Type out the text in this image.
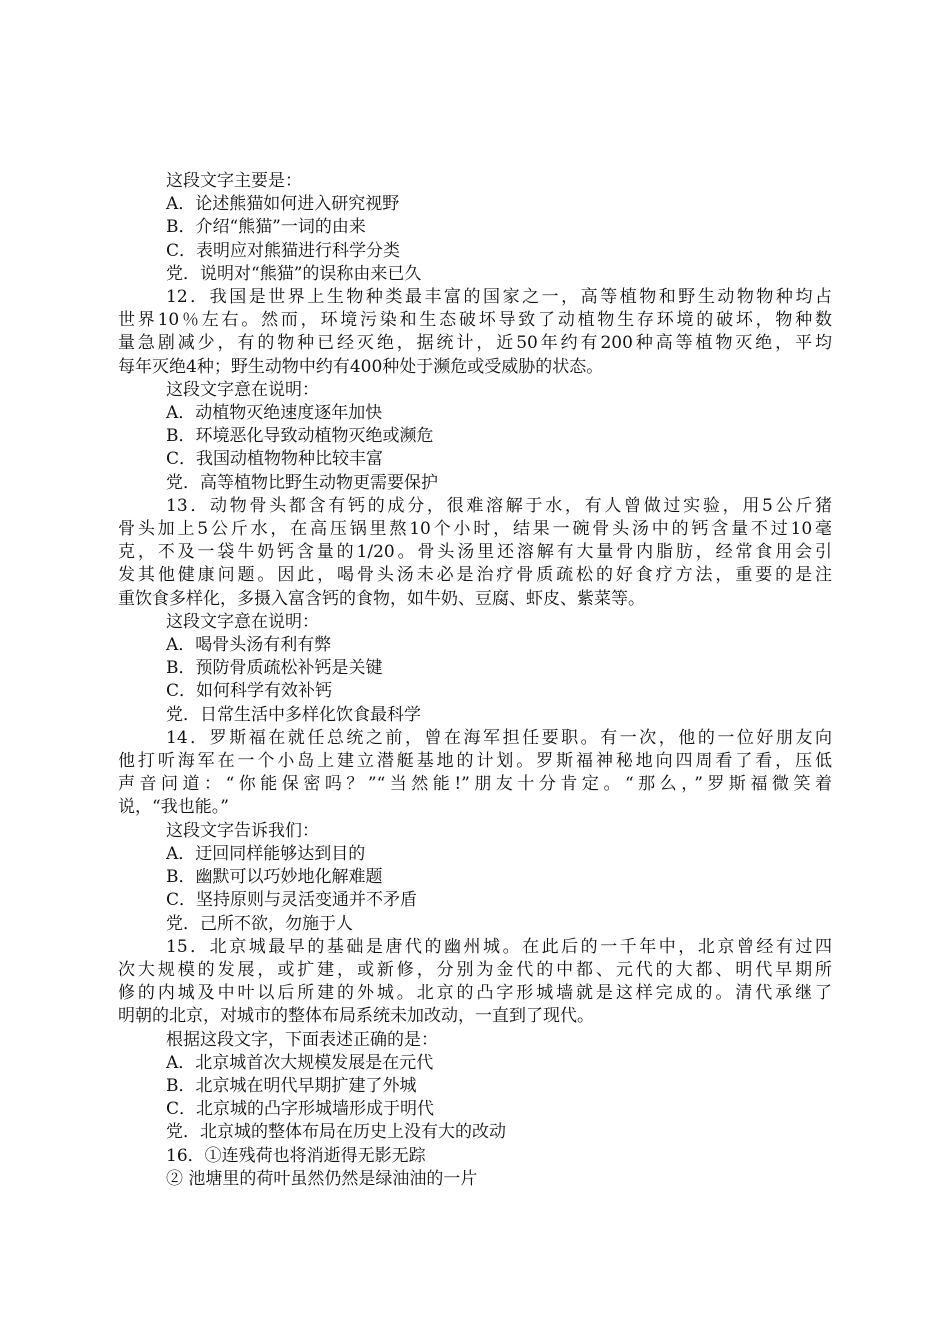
这段文字主要是：
A．论述熊猫如何进入研究视野
B．介绍“熊猫”一词的由来
C．表明应对熊猫进行科学分类
党．说明对“熊猫”的误称由来已久
12．我国是世界上生物种类最丰富的国家之一，高等植物和野生动物物种均占
世界10％左右。然而，环境污染和生态破坏导致了动植物生存环境的破坏，物种数
量急剧减少，有的物种已经灭绝，据统计，近50年约有200种高等植物灭绝，平均
每年灭绝4种；野生动物中约有400种处于濒危或受威胁的状态。
这段文字意在说明：
A．动植物灭绝速度逐年加快
B．环境恶化导致动植物灭绝或濒危
C．我国动植物物种比较丰富
党．高等植物比野生动物更需要保护
13．动物骨头都含有钙的成分，很难溶解于水，有人曾做过实验，用5公斤猪
骨头加上5公斤水，在高压锅里熬10个小时，结果一碗骨头汤中的钙含量不过10毫
克，不及一袋牛奶钙含量的1/20。骨头汤里还溶解有大量骨内脂肪，经常食用会引
发其他健康问题。因此，喝骨头汤未必是治疗骨质疏松的好食疗方法，重要的是注
重饮食多样化，多摄入富含钙的食物，如牛奶、豆腐、虾皮、紫菜等。
这段文字意在说明：
A．喝骨头汤有利有弊
B．预防骨质疏松补钙是关键
C．如何科学有效补钙
党．日常生活中多样化饮食最科学
14．罗斯福在就任总统之前，曾在海军担任要职。有一次，他的一位好朋友向
他打听海军在一个小岛上建立潜艇基地的计划。罗斯福神秘地向四周看了看，压低
声音问道：“你能保密吗？”“当然能!”朋友十分肯定。“那么，”罗斯福微笑着
说，“我也能。”
这段文字告诉我们：
A．迂回同样能够达到目的
B．幽默可以巧妙地化解难题
C．坚持原则与灵活变通并不矛盾
党．己所不欲，勿施于人
15．北京城最早的基础是唐代的幽州城。在此后的一千年中，北京曾经有过四
次大规模的发展，或扩建，或新修，分别为金代的中都、元代的大都、明代早期所
修的内城及中叶以后所建的外城。北京的凸字形城墙就是这样完成的。清代承继了
明朝的北京，对城市的整体布局系统未加改动，一直到了现代。
根据这段文字，下面表述正确的是：
A．北京城首次大规模发展是在元代
B．北京城在明代早期扩建了外城
C．北京城的凸字形城墙形成于明代
党．北京城的整体布局在历史上没有大的改动
16．①连残荷也将消逝得无影无踪
② 池塘里的荷叶虽然仍然是绿油油的一片
